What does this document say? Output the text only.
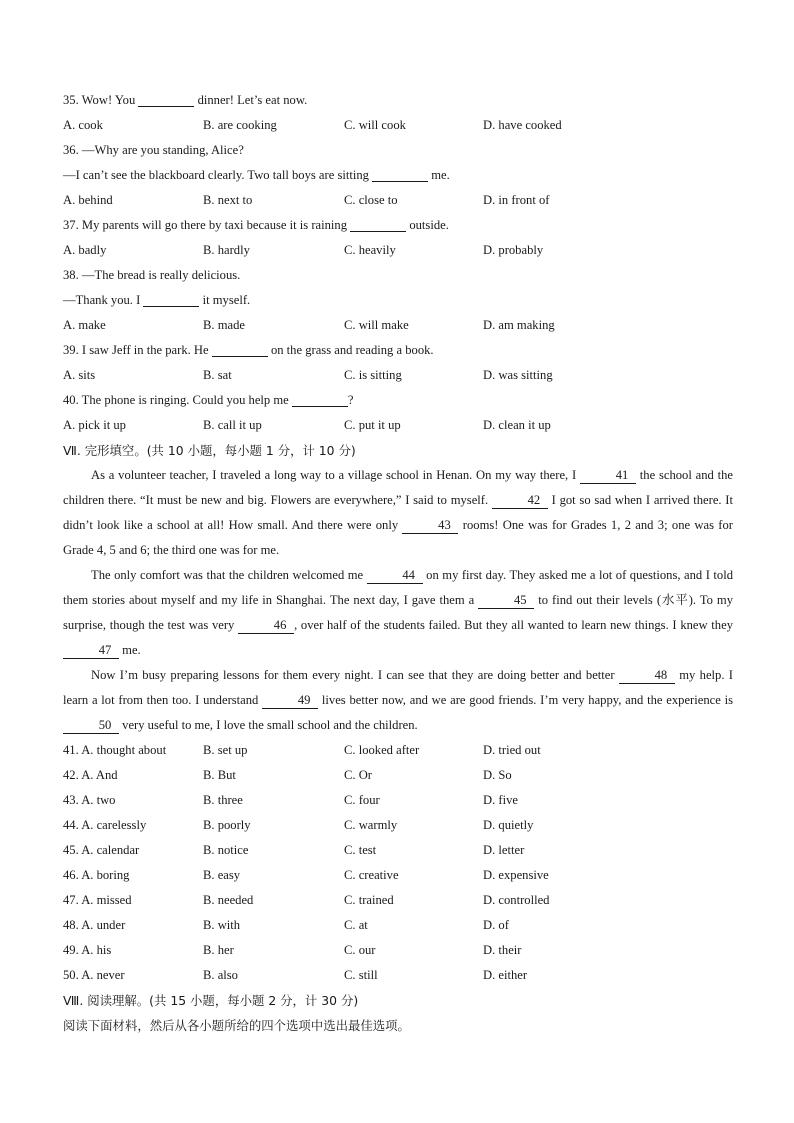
35. Wow! You	dinner! Let’s eat now.
A. cook	B. are cooking	C. will cook	D. have cooked
36. —Why are you standing, Alice?
—I can’t see the blackboard clearly. Two tall boys are sitting	me.
A. behind	B. next to	C. close to	D. in front of
37. My parents will go there by taxi because it is raining	outside.
A. badly	B. hardly	C. heavily	D. probably
38. —The bread is really delicious.
—Thank you. I	it myself.
A. make	B. made	C. will make	D. am making
39. I saw Jeff in the park. He	on the grass and reading a book.
A. sits	B. sat	C. is sitting	D. was sitting
40. The phone is ringing. Could you help me	?
A. pick it up	B. call it up	C. put it up	D. clean it up
Ⅶ. 完形填空。(共 10 小题，每小题 1 分，计 10 分)

As a volunteer teacher, I traveled a long way to a village school in Henan. On my way there, I	41 the school and the children there. “It must be new and big. Flowers are everywhere,” I said to myself.	42 I got so sad when I arrived there. It didn’t look like a school at all! How small. And there were only	43 rooms! One was for Grades 1, 2 and 3; one was for Grade 4, 5 and 6; the third one was for me.

The only comfort was that the children welcomed me	44 on my first day. They asked me a lot of questions, and I told them stories about myself and my life in Shanghai. The next day, I gave them a	45 to find out their levels (水平). To my surprise, though the test was very	46 , over half of the students failed. But they all wanted to learn new things. I knew they 47 me.

Now I’m busy preparing lessons for them every night. I can see that they are doing better and better	48 my help. I learn a lot from then too. I understand	49 lives better now, and we are good friends. I’m very happy, and the experience is 50 very useful to me, I love the small school and the children.

41. A. thought about	B. set up	C. looked after	D. tried out
42. A. And	B. But	C. Or	D. So
43. A. two	B. three	C. four	D. five
44. A. carelessly	B. poorly	C. warmly	D. quietly
45. A. calendar	B. notice	C. test	D. letter
46. A. boring	B. easy	C. creative	D. expensive
47. A. missed	B. needed	C. trained	D. controlled
48. A. under	B. with	C. at	D. of
49. A. his	B. her	C. our	D. their
50. A. never	B. also	C. still	D. either
Ⅷ. 阅读理解。(共 15 小题，每小题 2 分，计 30 分)
阅读下面材料，然后从各小题所给的四个选项中选出最佳选项。
